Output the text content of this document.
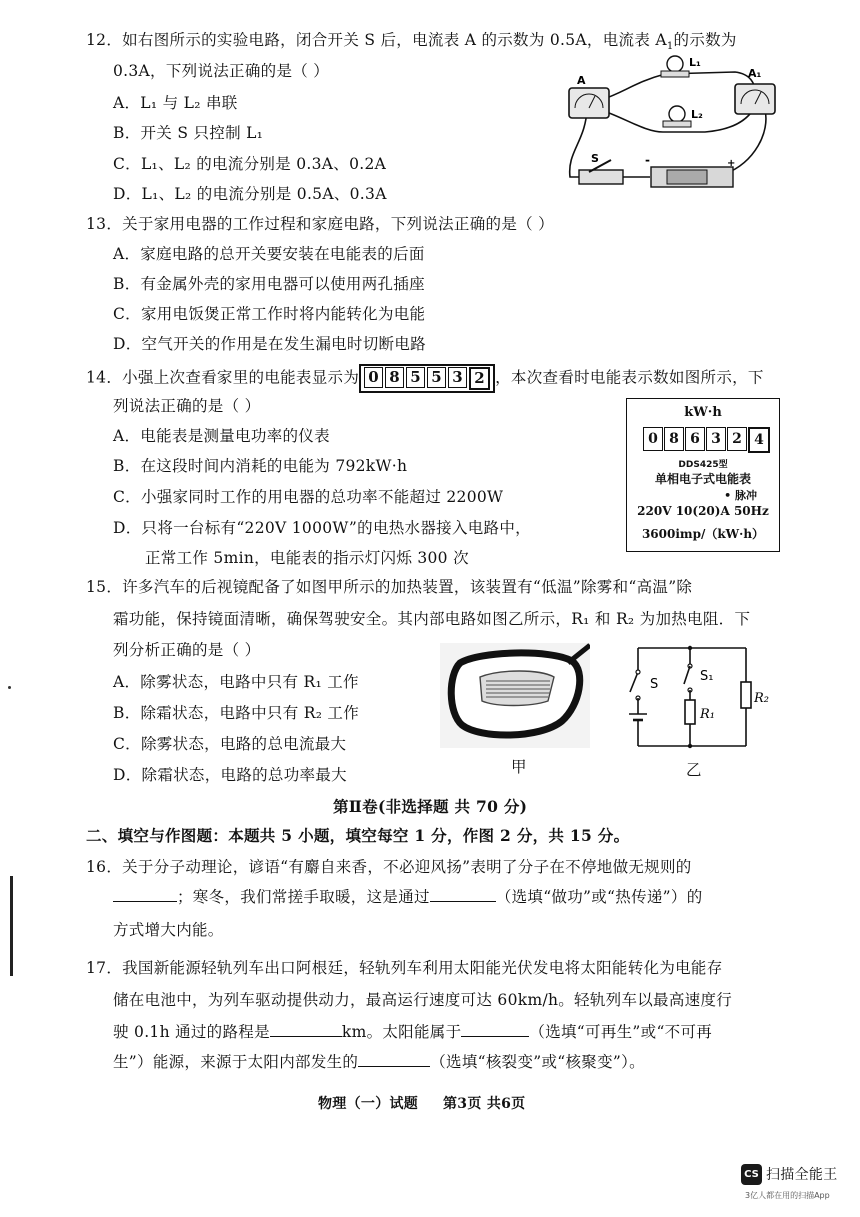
12．如右图所示的实验电路，闭合开关 S 后，电流表 A 的示数为 0.5A，电流表 $A_1$的示数为
0.3A，下列说法正确的是（ ）
A．L₁ 与 L₂ 串联
B．开关 S 只控制 L₁
C．L₁、L₂ 的电流分别是 0.3A、0.2A
D．L₁、L₂ 的电流分别是 0.5A、0.3A
A
A₁
L₁
L₂
S	-	+
13．关于家用电器的工作过程和家庭电路，下列说法正确的是（ ）
A．家庭电路的总开关要安装在电能表的后面
B．有金属外壳的家用电器可以使用两孔插座
C．家用电饭煲正常工作时将内能转化为电能
D．空气开关的作用是在发生漏电时切断电路
14．小强上次查看家里的电能表显示为 0 8 5 5 3 2 ，本次查看时电能表示数如图所示，下
列说法正确的是（ ）
A．电能表是测量电功率的仪表
B．在这段时间内消耗的电能为 792kW·h
C．小强家同时工作的用电器的总功率不能超过 2200W
D．只将一台标有“220V 1000W”的电热水器接入电路中，
正常工作 5min，电能表的指示灯闪烁 300 次
kW·h
0 8 6 3 2 4
DDS425型
单相电子式电能表
• 脉冲
220V 10(20)A 50Hz
3600imp/（kW·h）
15．许多汽车的后视镜配备了如图甲所示的加热装置，该装置有“低温”除雾和“高温”除
霜功能，保持镜面清晰，确保驾驶安全。其内部电路如图乙所示，R₁ 和 R₂ 为加热电阻．下
列分析正确的是（ ）
A．除雾状态，电路中只有 R₁ 工作
B．除霜状态，电路中只有 R₂ 工作
C．除雾状态，电路的总电流最大
D．除霜状态，电路的总功率最大	甲
S
S₁
R₁
R₂
乙
第Ⅱ卷(非选择题 共 70 分)
二、填空与作图题：本题共 5 小题，填空每空 1 分，作图 2 分，共 15 分。
16．关于分子动理论，谚语“有麝自来香，不必迎风扬”表明了分子在不停地做无规则的
；寒冬，我们常搓手取暖，这是通过	（选填“做功”或“热传递”）的
方式增大内能。
17．我国新能源轻轨列车出口阿根廷，轻轨列车利用太阳能光伏发电将太阳能转化为电能存
储在电池中，为列车驱动提供动力，最高运行速度可达 60km/h。轻轨列车以最高速度行
驶 0.1h 通过的路程是	km。太阳能属于	（选填“可再生”或“不可再
生”）能源，来源于太阳内部发生的	（选填“核裂变”或“核聚变”）。
物理（一）试题 第3页 共6页
CS 扫描全能王
3亿人都在用的扫描App
